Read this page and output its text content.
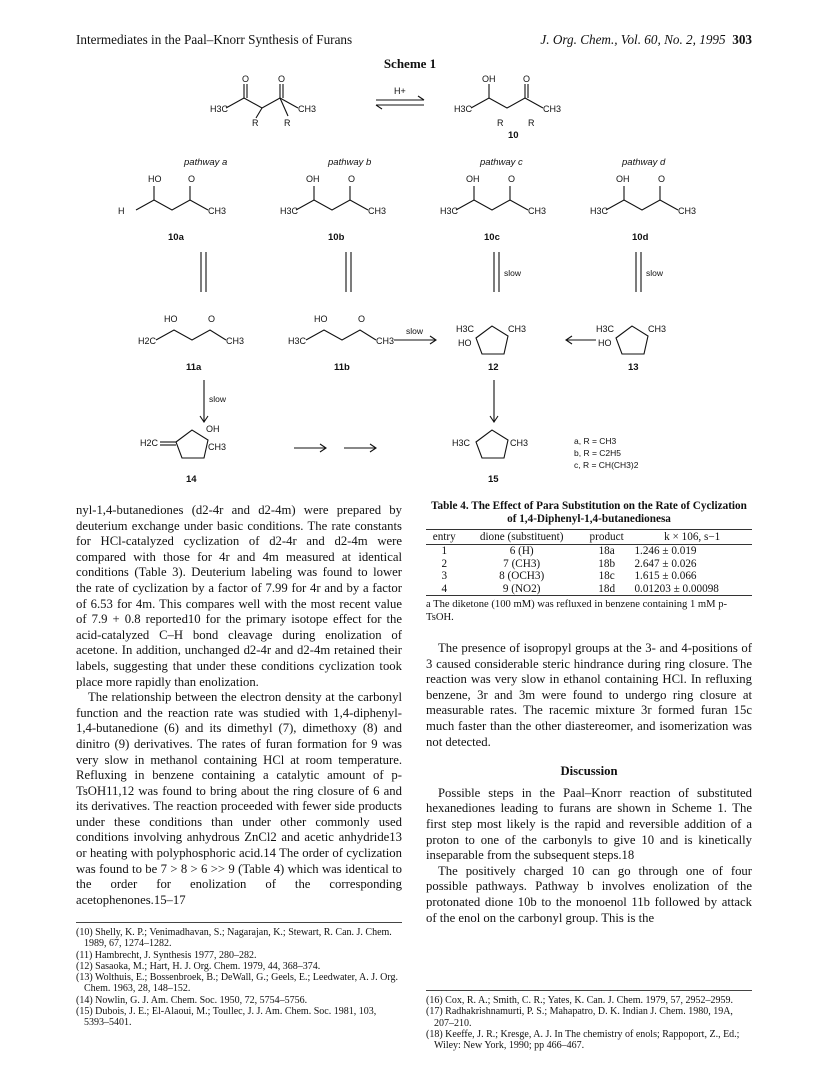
Intermediates in the Paal–Knorr Synthesis of Furans	J. Org. Chem., Vol. 60, No. 2, 1995 303
Scheme 1
O	O
H3C	CH3
R	R
H+
OH	O
H3C	CH3
R	R
HO	O
H	CH3
OH	O
H3C	CH3
OH	O
H3C	CH3
OH	O
H3C	CH3
HO	O
H2C	CH3
HO	O
H3C	CH3
H3C	CH3
HO
H3C	CH3
HO
H2C
OH
CH3	H3C	CH3
pathway a	pathway b	pathway c	pathway d
10
10a	10b	10c	10d
11a	11b	12	13
14	15
slow	slow
slow
slow
a, R = CH3
b, R = C2H5
c, R = CH(CH3)2

nyl-1,4-butanediones (d2-4r and d2-4m) were prepared by deuterium exchange under basic conditions. The rate constants for HCl-catalyzed cyclization of d2-4r and d2-4m were compared with those for 4r and 4m measured at identical conditions (Table 3). Deuterium labeling was found to lower the rate of cyclization by a factor of 7.99 for 4r and by a factor of 6.53 for 4m. This compares well with the most recent value of 7.9 + 0.8 reported10 for the primary isotope effect for the acid-catalyzed C–H bond cleavage during enolization of acetone. In addition, unchanged d2-4r and d2-4m retained their labels, suggesting that under these conditions cyclization took place more rapidly than enolization.

The relationship between the electron density at the carbonyl function and the reaction rate was studied with 1,4-diphenyl-1,4-butanedione (6) and its dimethyl (7), dimethoxy (8) and dinitro (9) derivatives. The rates of furan formation for 9 was very slow in methanol containing HCl at room temperature. Refluxing in benzene containing a catalytic amount of p-TsOH11,12 was found to bring about the ring closure of 6 and its derivatives. The reaction proceeded with fewer side products under these conditions than under other commonly used conditions involving anhydrous ZnCl2 and acetic anhydride13 or heating with polyphosphoric acid.14 The order of cyclization was found to be 7 > 8 > 6 >> 9 (Table 4) which was identical to the order for enolization of the corresponding acetophenones.15–17

(10) Shelly, K. P.; Venimadhavan, S.; Nagarajan, K.; Stewart, R. Can. J. Chem. 1989, 67, 1274–1282.
(11) Hambrecht, J. Synthesis 1977, 280–282.
(12) Sasaoka, M.; Hart, H. J. Org. Chem. 1979, 44, 368–374.
(13) Wolthuis, E.; Bossenbroek, B.; DeWall, G.; Geels, E.; Leedwater, A. J. Org. Chem. 1963, 28, 148–152.
(14) Nowlin, G. J. Am. Chem. Soc. 1950, 72, 5754–5756.
(15) Dubois, J. E.; El-Alaoui, M.; Toullec, J. J. Am. Chem. Soc. 1981, 103, 5393–5401.
Table 4. The Effect of Para Substitution on the Rate of Cyclization of 1,4-Diphenyl-1,4-butanedionesa
entry	dione (substituent)	product	k × 106, s−1
1	6 (H)	18a	1.246 ± 0.019
2	7 (CH3)	18b	2.647 ± 0.026
3	8 (OCH3)	18c	1.615 ± 0.066
4	9 (NO2)	18d	0.01203 ± 0.00098
a The diketone (100 mM) was refluxed in benzene containing 1 mM p-TsOH.

The presence of isopropyl groups at the 3- and 4-positions of 3 caused considerable steric hindrance during ring closure. The reaction was very slow in ethanol containing HCl. In refluxing benzene, 3r and 3m were found to undergo ring closure at measurable rates. The racemic mixture 3r formed furan 15c much faster than the other diastereomer, and isomerization was not detected.

Discussion

Possible steps in the Paal–Knorr reaction of substituted hexanediones leading to furans are shown in Scheme 1. The first step most likely is the rapid and reversible addition of a proton to one of the carbonyls to give 10 and is kinetically inseparable from the subsequent steps.18

The positively charged 10 can go through one of four possible pathways. Pathway b involves enolization of the protonated dione 10b to the monoenol 11b followed by attack of the enol on the carbonyl group. This is the

(16) Cox, R. A.; Smith, C. R.; Yates, K. Can. J. Chem. 1979, 57, 2952–2959.
(17) Radhakrishnamurti, P. S.; Mahapatro, D. K. Indian J. Chem. 1980, 19A, 207–210.
(18) Keeffe, J. R.; Kresge, A. J. In The chemistry of enols; Rappoport, Z., Ed.; Wiley: New York, 1990; pp 466–467.
